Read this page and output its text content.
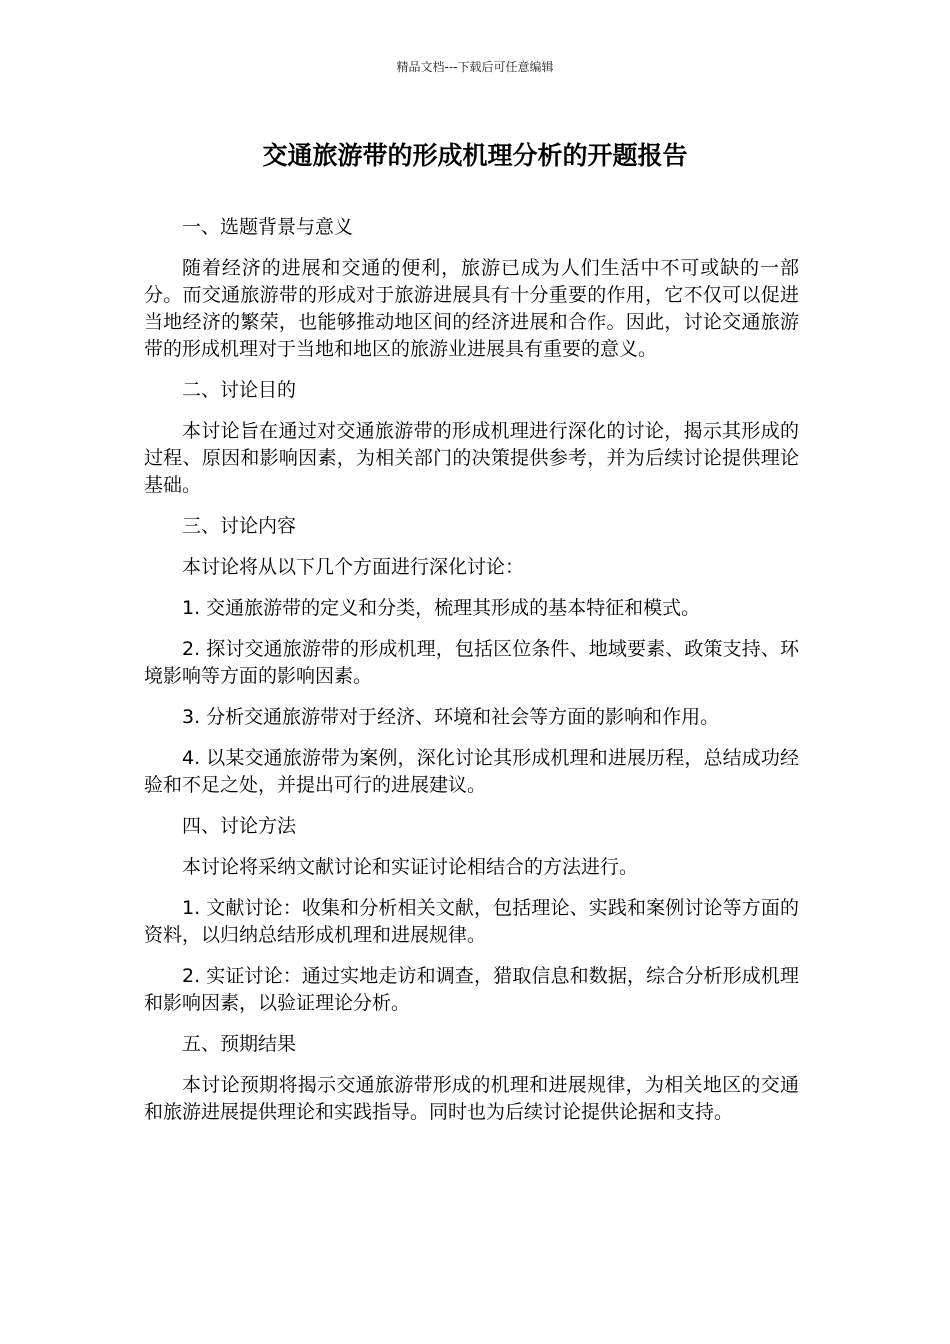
精品文档---下载后可任意编辑
交通旅游带的形成机理分析的开题报告

一、选题背景与意义

随着经济的进展和交通的便利，旅游已成为人们生活中不可或缺的一部分。而交通旅游带的形成对于旅游进展具有十分重要的作用，它不仅可以促进当地经济的繁荣，也能够推动地区间的经济进展和合作。因此，讨论交通旅游带的形成机理对于当地和地区的旅游业进展具有重要的意义。

二、讨论目的

本讨论旨在通过对交通旅游带的形成机理进行深化的讨论，揭示其形成的过程、原因和影响因素，为相关部门的决策提供参考，并为后续讨论提供理论基础。

三、讨论内容

本讨论将从以下几个方面进行深化讨论：

1. 交通旅游带的定义和分类，梳理其形成的基本特征和模式。

2. 探讨交通旅游带的形成机理，包括区位条件、地域要素、政策支持、环境影响等方面的影响因素。

3. 分析交通旅游带对于经济、环境和社会等方面的影响和作用。

4. 以某交通旅游带为案例，深化讨论其形成机理和进展历程，总结成功经验和不足之处，并提出可行的进展建议。

四、讨论方法

本讨论将采纳文献讨论和实证讨论相结合的方法进行。

1. 文献讨论：收集和分析相关文献，包括理论、实践和案例讨论等方面的资料，以归纳总结形成机理和进展规律。

2. 实证讨论：通过实地走访和调查，猎取信息和数据，综合分析形成机理和影响因素，以验证理论分析。

五、预期结果

本讨论预期将揭示交通旅游带形成的机理和进展规律，为相关地区的交通和旅游进展提供理论和实践指导。同时也为后续讨论提供论据和支持。
